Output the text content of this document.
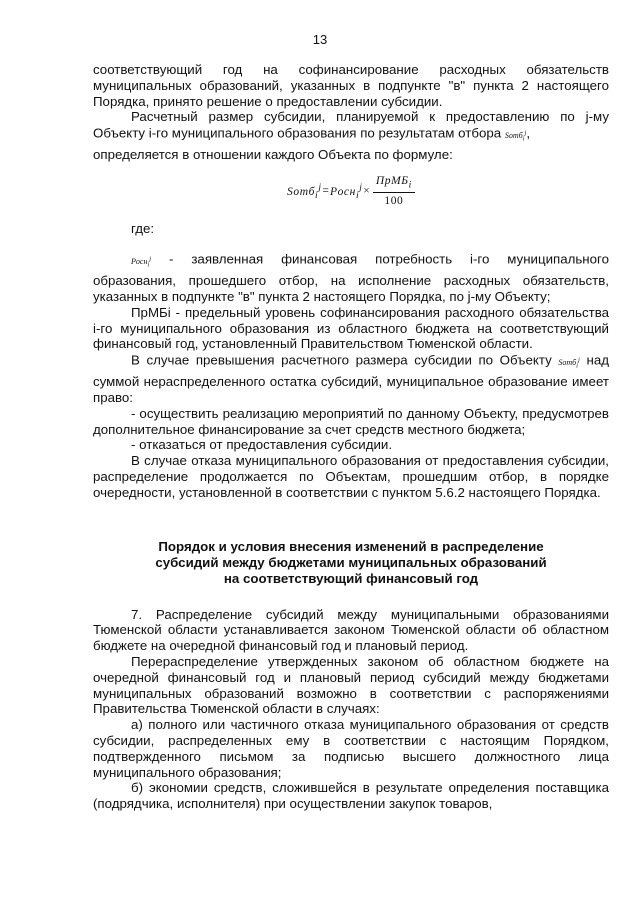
13

соответствующий год на софинансирование расходных обязательств муниципальных образований, указанных в подпункте "в" пункта 2 настоящего Порядка, принято решение о предоставлении субсидии.

Расчетный размер субсидии, планируемой к предоставлению по j-му Объекту i-го муниципального образования по результатам отбора Sотб$_i^j$,

определяется в отношении каждого Объекта по формуле:

Sотб$_i^j$ = Pосн$_i^j$ × $\frac{ПрМБ_i}{100}$

где:

Pосн$_i^j$ - заявленная финансовая потребность i-го муниципального образования, прошедшего отбор, на исполнение расходных обязательств, указанных в подпункте "в" пункта 2 настоящего Порядка, по j-му Объекту;

ПрМБi - предельный уровень софинансирования расходного обязательства i-го муниципального образования из областного бюджета на соответствующий финансовый год, установленный Правительством Тюменской области.

В случае превышения расчетного размера субсидии по Объекту Sотб$_i^j$ над суммой нераспределенного остатка субсидий, муниципальное образование имеет право:

- осуществить реализацию мероприятий по данному Объекту, предусмотрев дополнительное финансирование за счет средств местного бюджета;

- отказаться от предоставления субсидии.

В случае отказа муниципального образования от предоставления субсидии, распределение продолжается по Объектам, прошедшим отбор, в порядке очередности, установленной в соответствии с пунктом 5.6.2 настоящего Порядка.

Порядок и условия внесения изменений в распределение
субсидий между бюджетами муниципальных образований
на соответствующий финансовый год

7. Распределение субсидий между муниципальными образованиями Тюменской области устанавливается законом Тюменской области об областном бюджете на очередной финансовый год и плановый период.

Перераспределение утвержденных законом об областном бюджете на очередной финансовый год и плановый период субсидий между бюджетами муниципальных образований возможно в соответствии с распоряжениями Правительства Тюменской области в случаях:

а) полного или частичного отказа муниципального образования от средств субсидии, распределенных ему в соответствии с настоящим Порядком, подтвержденного письмом за подписью высшего должностного лица муниципального образования;

б) экономии средств, сложившейся в результате определения поставщика (подрядчика, исполнителя) при осуществлении закупок товаров,
